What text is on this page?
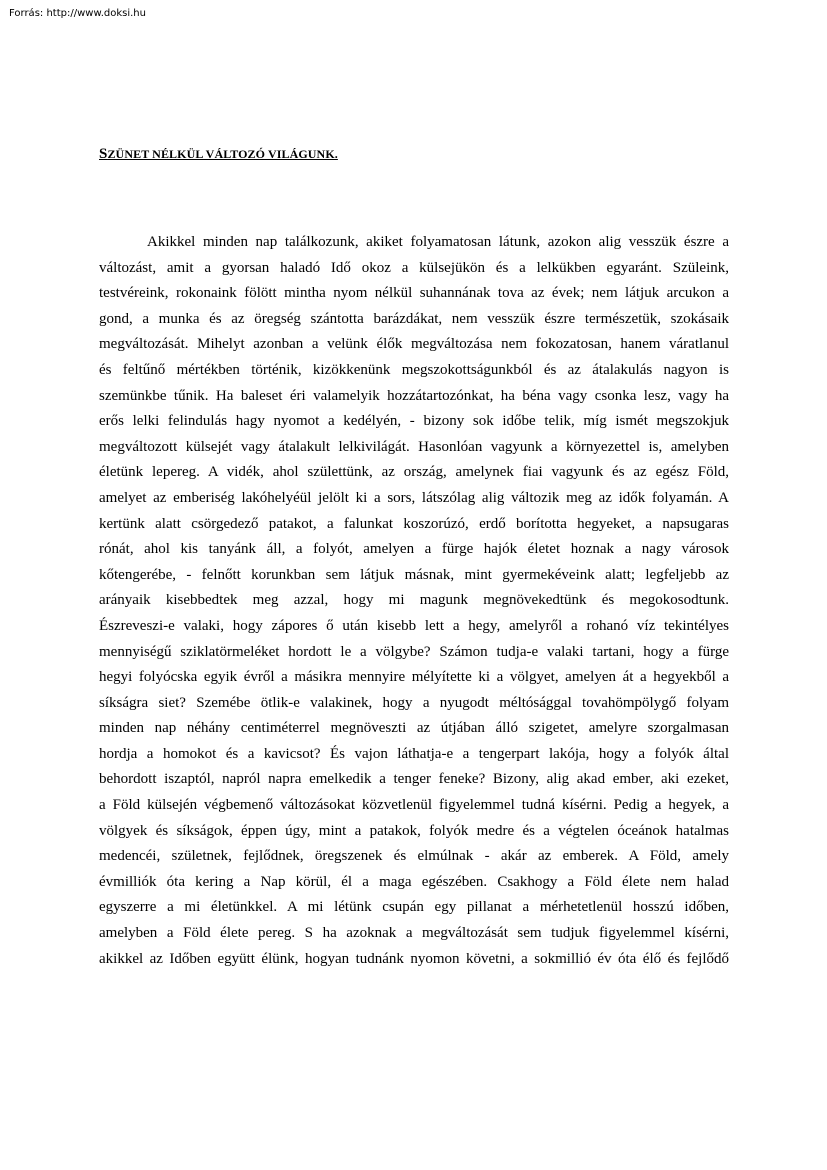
Forrás: http://www.doksi.hu
SZÜNET NÉLKÜL VÁLTOZÓ VILÁGUNK.
Akikkel minden nap találkozunk, akiket folyamatosan látunk, azokon alig vesszük észre a
változást, amit a gyorsan haladó Idő okoz a külsejükön és a lelkükben egyaránt. Szüleink,
testvéreink, rokonaink fölött mintha nyom nélkül suhannának tova az évek; nem látjuk arcukon a
gond, a munka és az öregség szántotta barázdákat, nem vesszük észre természetük, szokásaik
megváltozását. Mihelyt azonban a velünk élők megváltozása nem fokozatosan, hanem váratlanul
és feltűnő mértékben történik, kizökkenünk megszokottságunkból és az átalakulás nagyon is
szemünkbe tűnik. Ha baleset éri valamelyik hozzátartozónkat, ha béna vagy csonka lesz, vagy ha
erős lelki felindulás hagy nyomot a kedélyén, - bizony sok időbe telik, míg ismét megszokjuk
megváltozott külsejét vagy átalakult lelkivilágát. Hasonlóan vagyunk a környezettel is, amelyben
életünk lepereg. A vidék, ahol születtünk, az ország, amelynek fiai vagyunk és az egész Föld,
amelyet az emberiség lakóhelyéül jelölt ki a sors, látszólag alig változik meg az idők folyamán. A
kertünk alatt csörgedező patakot, a falunkat koszorúzó, erdő borította hegyeket, a napsugaras
rónát, ahol kis tanyánk áll, a folyót, amelyen a fürge hajók életet hoznak a nagy városok
kőtengerébe, - felnőtt korunkban sem látjuk másnak, mint gyermekéveink alatt; legfeljebb az
arányaik kisebbedtek meg azzal, hogy mi magunk megnövekedtünk és megokosodtunk.
Észreveszi-e valaki, hogy zápores ő után kisebb lett a hegy, amelyről a rohanó víz tekintélyes
mennyiségű sziklatörmeléket hordott le a völgybe? Számon tudja-e valaki tartani, hogy a fürge
hegyi folyócska egyik évről a másikra mennyire mélyítette ki a völgyet, amelyen át a hegyekből a
síkságra siet? Szemébe ötlik-e valakinek, hogy a nyugodt méltósággal tovahömpölygő folyam
minden nap néhány centiméterrel megnöveszti az útjában álló szigetet, amelyre szorgalmasan
hordja a homokot és a kavicsot? És vajon láthatja-e a tengerpart lakója, hogy a folyók által
behordott iszaptól, napról napra emelkedik a tenger feneke? Bizony, alig akad ember, aki ezeket,
a Föld külsején végbemenő változásokat közvetlenül figyelemmel tudná kísérni. Pedig a hegyek, a
völgyek és síkságok, éppen úgy, mint a patakok, folyók medre és a végtelen óceánok hatalmas
medencéi, születnek, fejlődnek, öregszenek és elmúlnak - akár az emberek. A Föld, amely
évmilliók óta kering a Nap körül, él a maga egészében. Csakhogy a Föld élete nem halad
egyszerre a mi életünkkel. A mi létünk csupán egy pillanat a mérhetetlenül hosszú időben,
amelyben a Föld élete pereg. S ha azoknak a megváltozását sem tudjuk figyelemmel kísérni,
akikkel az Időben együtt élünk, hogyan tudnánk nyomon követni, a sokmillió év óta élő és fejlődő
